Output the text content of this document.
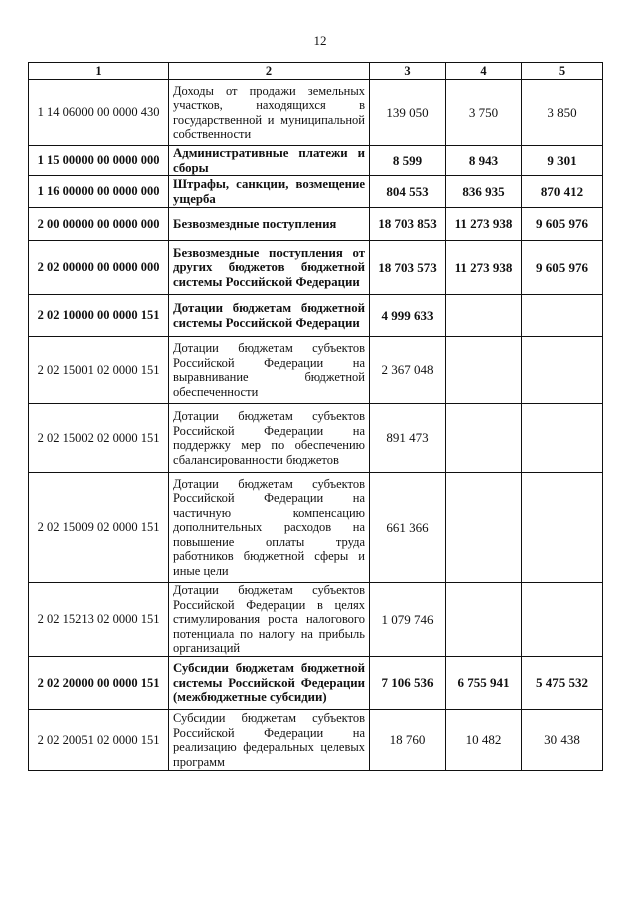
12
1	2	3	4	5
1 14 06000 00 0000 430	Доходы от продажи земельных участков, находящихся в государственной и муниципальной собственности	139 050	3 750	3 850
1 15 00000 00 0000 000	Административные платежи и сборы	8 599	8 943	9 301
1 16 00000 00 0000 000	Штрафы, санкции, возмещение ущерба	804 553	836 935	870 412
2 00 00000 00 0000 000	Безвозмездные поступления	18 703 853	11 273 938	9 605 976
2 02 00000 00 0000 000	Безвозмездные поступления от других бюджетов бюджетной системы Российской Федерации	18 703 573	11 273 938	9 605 976
2 02 10000 00 0000 151	Дотации бюджетам бюджетной системы Российской Федерации	4 999 633		
2 02 15001 02 0000 151	Дотации бюджетам субъектов Российской Федерации на выравнивание бюджетной обеспеченности	2 367 048		
2 02 15002 02 0000 151	Дотации бюджетам субъектов Российской Федерации на поддержку мер по обеспечению сбалансированности бюджетов	891 473		
2 02 15009 02 0000 151	Дотации бюджетам субъектов Российской Федерации на частичную компенсацию дополнительных расходов на повышение оплаты труда работников бюджетной сферы и иные цели	661 366		
2 02 15213 02 0000 151	Дотации бюджетам субъектов Российской Федерации в целях стимулирования роста налогового потенциала по налогу на прибыль организаций	1 079 746		
2 02 20000 00 0000 151	Субсидии бюджетам бюджетной системы Российской Федерации (межбюджетные субсидии)	7 106 536	6 755 941	5 475 532
2 02 20051 02 0000 151	Субсидии бюджетам субъектов Российской Федерации на реализацию федеральных целевых программ	18 760	10 482	30 438
